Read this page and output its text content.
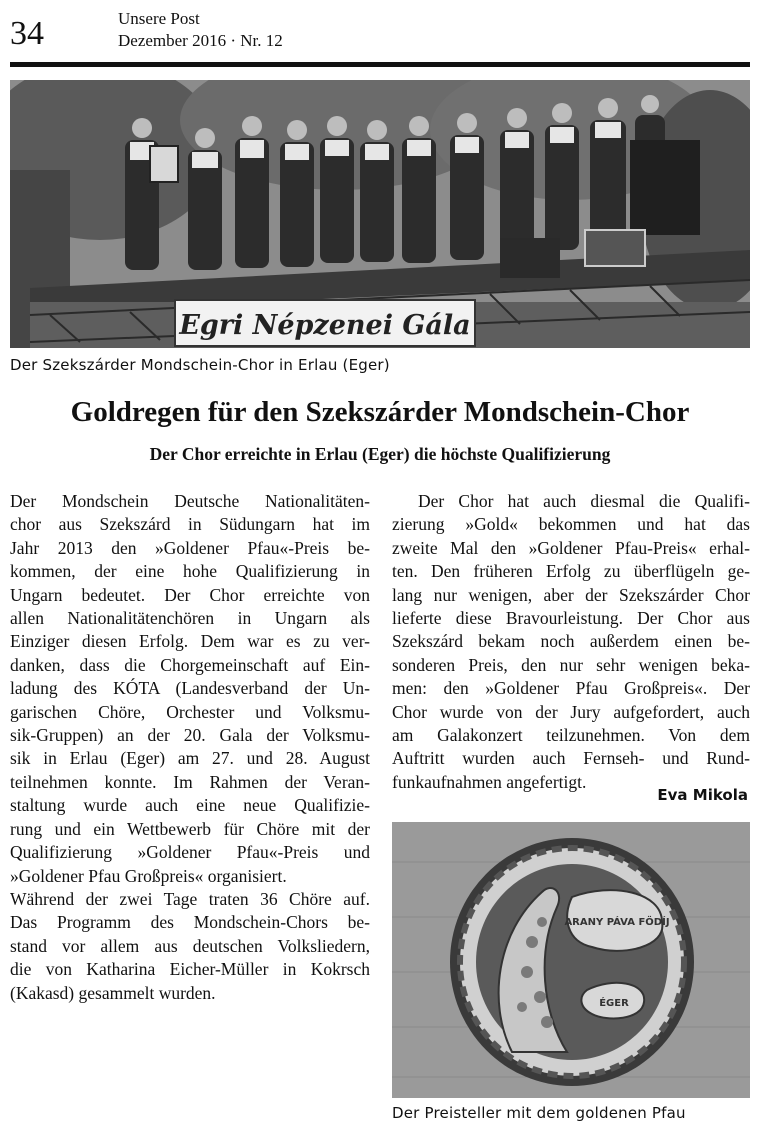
34	Unsere Post
Dezember 2016 · Nr. 12
Egri Népzenei Gála
Der Szekszárder Mondschein-Chor in Erlau (Eger)
Goldregen für den Szekszárder Mondschein-Chor
Der Chor erreichte in Erlau (Eger) die höchste Qualifizierung
Der Mondschein Deutsche Nationalitäten-
chor aus Szekszárd in Südungarn hat im
Jahr 2013 den »Goldener Pfau«-Preis be-
kommen, der eine hohe Qualifizierung in
Ungarn bedeutet. Der Chor erreichte von
allen Nationalitätenchören in Ungarn als
Einziger diesen Erfolg. Dem war es zu ver-
danken, dass die Chorgemeinschaft auf Ein-
ladung des KÓTA (Landesverband der Un-
garischen Chöre, Orchester und Volksmu-
sik-Gruppen) an der 20. Gala der Volksmu-
sik in Erlau (Eger) am 27. und 28. August
teilnehmen konnte. Im Rahmen der Veran-
staltung wurde auch eine neue Qualifizie-
rung und ein Wettbewerb für Chöre mit der
Qualifizierung »Goldener Pfau«-Preis und
»Goldener Pfau Großpreis« organisiert.
Während der zwei Tage traten 36 Chöre auf.
Das Programm des Mondschein-Chors be-
stand vor allem aus deutschen Volksliedern,
die von Katharina Eicher-Müller in Kokrsch
(Kakasd) gesammelt wurden.
Der Chor hat auch diesmal die Qualifi-
zierung »Gold« bekommen und hat das
zweite Mal den »Goldener Pfau-Preis« erhal-
ten. Den früheren Erfolg zu überflügeln ge-
lang nur wenigen, aber der Szekszárder Chor
lieferte diese Bravourleistung. Der Chor aus
Szekszárd bekam noch außerdem einen be-
sonderen Preis, den nur sehr wenigen beka-
men: den »Goldener Pfau Großpreis«. Der
Chor wurde von der Jury aufgefordert, auch
am Galakonzert teilzunehmen. Von dem
Auftritt wurden auch Fernseh- und Rund-
funkaufnahmen angefertigt.
Eva Mikola
ARANY PÁVA FÖDÍJ
ÉGER
Der Preisteller mit dem goldenen Pfau
